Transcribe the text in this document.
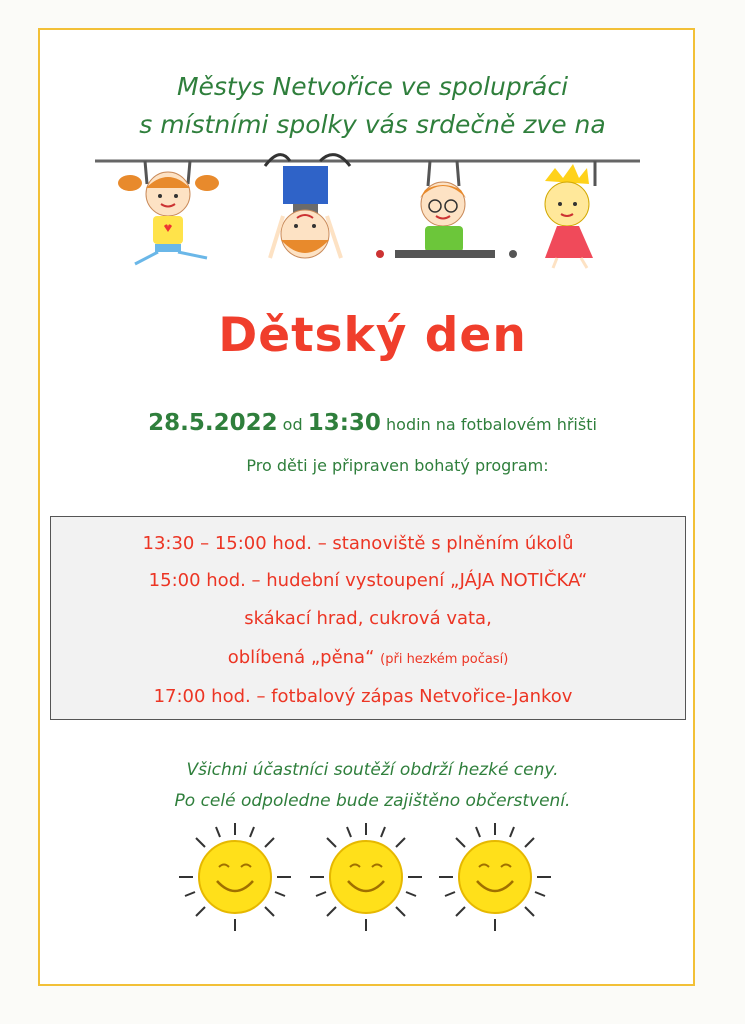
Městys Netvořice ve spolupráci
s místními spolky vás srdečně zve na
Dětský den
28.5.2022 od 13:30 hodin na fotbalovém hřišti
Pro děti je připraven bohatý program:
13:30 – 15:00 hod. – stanoviště s plněním úkolů
15:00 hod. – hudební vystoupení „JÁJA NOTIČKA“
skákací hrad, cukrová vata,
oblíbená „pěna“ (při hezkém počasí)
17:00 hod. – fotbalový zápas Netvořice-Jankov
Všichni účastníci soutěží obdrží hezké ceny.
Po celé odpoledne bude zajištěno občerstvení.
